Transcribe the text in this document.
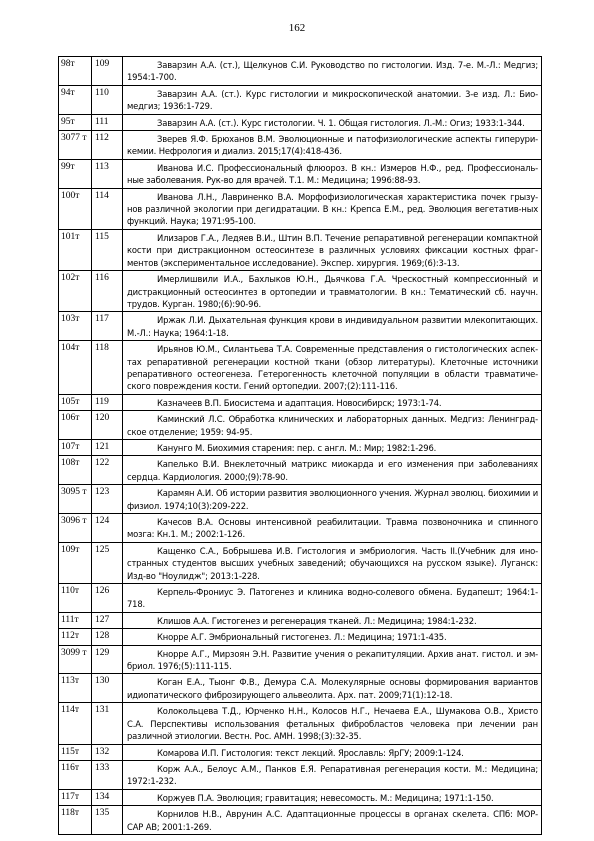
162
98т	109	Заварзин А.А. (ст.), Щелкунов С.И. Руководство по гистологии. Изд. 7-е. М.-Л.: Медгиз; 1954:1-700.
94т	110	Заварзин А.А. (ст.). Курс гистологии и микроскопической анатомии. 3-е изд. Л.: Био-медгиз; 1936:1-729.
95т	111	Заварзин А.А. (ст.). Курс гистологии. Ч. 1. Общая гистология. Л.-М.: Огиз; 1933:1-344.
3077 т	112	Зверев Я.Ф. Брюханов В.М. Эволюционные и патофизиологические аспекты гиперури-кемии. Нефрология и диализ. 2015;17(4):418-436.
99т	113	Иванова И.С. Профессиональный флюороз. В кн.: Измеров Н.Ф., ред. Профессиональ-ные заболевания. Рук-во для врачей. Т.1. М.: Медицина; 1996:88-93.
100т	114	Иванова Л.Н., Лавриненко В.А. Морфофизиологическая характеристика почек грызу-нов различной экологии при дегидратации. В кн.: Крепса Е.М., ред. Эволюция вегетатив-ных функций. Наука; 1971:95-100.
101т	115	Илизаров Г.А., Ледяев В.И., Штин В.П. Течение репаративной регенерации компактной кости при дистракционном остеосинтезе в различных условиях фиксации костных фраг-ментов (экспериментальное исследование). Экспер. хирургия. 1969;(6):3-13.
102т	116	Имерлишвили И.А., Бахлыков Ю.Н., Дьячкова Г.А. Чрескостный компрессионный и дистракционный остеосинтез в ортопедии и травматологии. В кн.: Тематический сб. научн. трудов. Курган. 1980;(6):90-96.
103т	117	Иржак Л.И. Дыхательная функция крови в индивидуальном развитии млекопитающих. М.-Л.: Наука; 1964:1-18.
104т	118	Ирьянов Ю.М., Силантьева Т.А. Современные представления о гистологических аспек-тах репаративной регенерации костной ткани (обзор литературы). Клеточные источники репаративного остеогенеза. Гетерогенность клеточной популяции в области травматиче-ского повреждения кости. Гений ортопедии. 2007;(2):111-116.
105т	119	Казначеев В.П. Биосистема и адаптация. Новосибирск; 1973:1-74.
106т	120	Каминский Л.С. Обработка клинических и лабораторных данных. Медгиз: Ленинград-ское отделение; 1959: 94-95.
107т	121	Канунго М. Биохимия старения: пер. с англ. М.: Мир; 1982:1-296.
108т	122	Капелько В.И. Внеклеточный матрикс миокарда и его изменения при заболеваниях сердца. Кардиология. 2000;(9):78-90.
3095 т	123	Карамян А.И. Об истории развития эволюционного учения. Журнал эволюц. биохимии и физиол. 1974;10(3):209-222.
3096 т	124	Качесов В.А. Основы интенсивной реабилитации. Травма позвоночника и спинного мозга: Кн.1. М.; 2002:1-126.
109т	125	Кащенко С.А., Бобрышева И.В. Гистология и эмбриология. Часть II.(Учебник для ино-странных студентов высших учебных заведений; обучающихся на русском языке). Луганск: Изд-во "Ноулидж"; 2013:1-228.
110т	126	Керпель-Фрониус Э. Патогенез и клиника водно-солевого обмена. Будапешт; 1964:1-718.
111т	127	Клишов А.А. Гистогенез и регенерация тканей. Л.: Медицина; 1984:1-232.
112т	128	Кнорре А.Г. Эмбриональный гистогенез. Л.: Медицина; 1971:1-435.
3099 т	129	Кнорре А.Г., Мирзоян Э.Н. Развитие учения о рекапитуляции. Архив анат. гистол. и эм-бриол. 1976;(5):111-115.
113т	130	Коган Е.А., Тыонг Ф.В., Демура С.А. Молекулярные основы формирования вариантов идиопатического фиброзирующего альвеолита. Арх. пат. 2009;71(1):12-18.
114т	131	Колокольцева Т.Д., Юрченко Н.Н., Колосов Н.Г., Нечаева Е.А., Шумакова О.В., Христо С.А. Перспективы использования фетальных фибробластов человека при лечении ран различной этиологии. Вестн. Рос. АМН. 1998;(3):32-35.
115т	132	Комарова И.П. Гистология: текст лекций. Ярославль: ЯрГУ; 2009:1-124.
116т	133	Корж А.А., Белоус А.М., Панков Е.Я. Репаративная регенерация кости. М.: Медицина; 1972:1-232.
117т	134	Коржуев П.А. Эволюция; гравитация; невесомость. М.: Медицина; 1971:1-150.
118т	135	Корнилов Н.В., Аврунин А.С. Адаптационные процессы в органах скелета. СПб: МОР-САР АВ; 2001:1-269.
